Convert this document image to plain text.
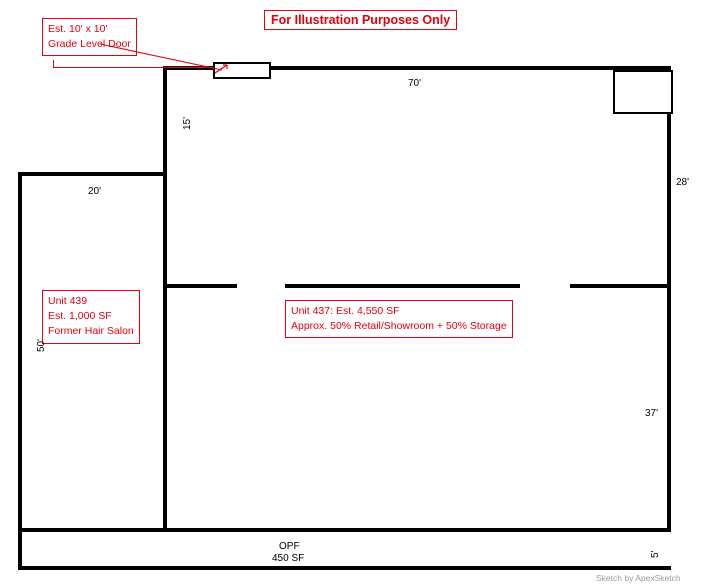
For Illustration Purposes Only
Est. 10' x 10'
Grade Level Door
Unit 439
Est. 1,000 SF
Former Hair Salon
Unit 437: Est. 4,550 SF
Approx. 50% Retail/Showroom + 50% Storage
70'
15'
20'
50'
28'
37'
5'
OPF
450 SF
Sketch by ApexSketch
